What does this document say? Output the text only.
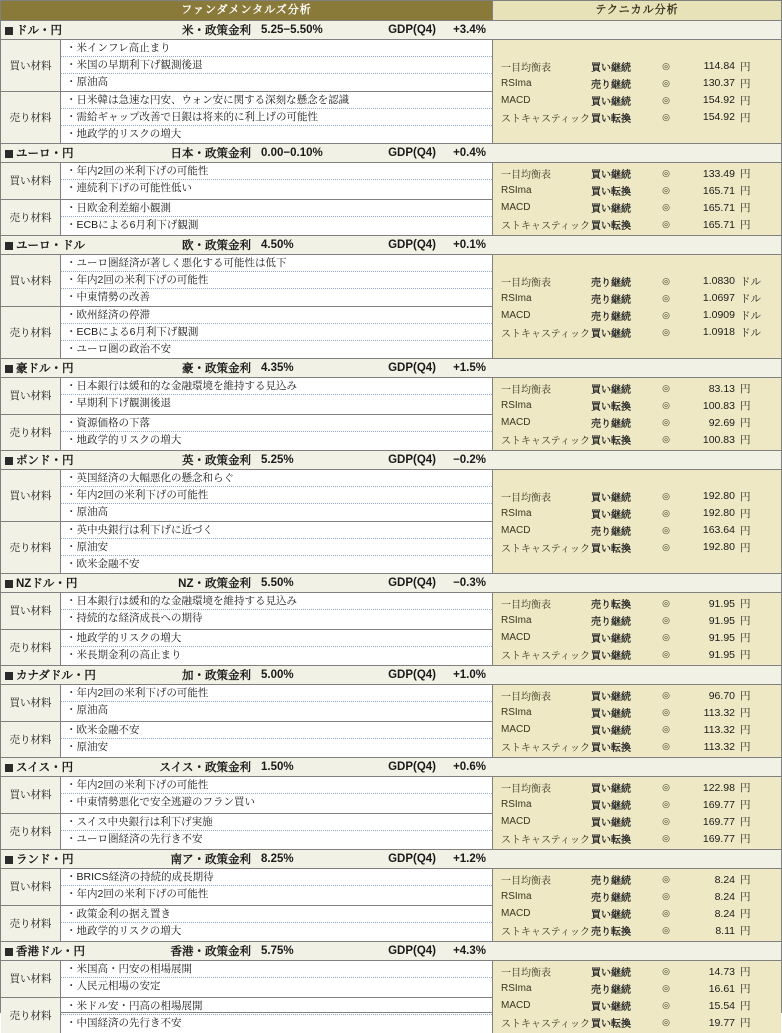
ファンダメンタルズ分析	テクニカル分析
ドル・円	米・政策金利 5.25−5.50%	GDP(Q4)	+3.4%
買い材料
・米インフレ高止まり
・米国の早期利下げ観測後退
・原油高
売り材料
・日米韓は急速な円安、ウォン安に関する深刻な懸念を認識
・需給ギャップ改善で日銀は将来的に利上げの可能性
・地政学的リスクの増大
一目均衡表	買い継続	◎	114.84 円
RSIma	売り継続	◎	130.37 円
MACD	買い継続	◎	154.92 円
ストキャスティック 買い転換	◎	154.92 円
ユーロ・円	日本・政策金利 0.00−0.10%	GDP(Q4)	+0.4%
買い材料
・年内2回の米利下げの可能性
・連続利下げの可能性低い
売り材料
・日欧金利差縮小観測
・ECBによる6月利下げ観測
一目均衡表	買い継続	◎	133.49 円
RSIma	買い転換	◎	165.71 円
MACD	買い継続	◎	165.71 円
ストキャスティック 買い転換	◎	165.71 円
ユーロ・ドル	欧・政策金利 4.50%	GDP(Q4)	+0.1%
買い材料
・ユーロ圏経済が著しく悪化する可能性は低下
・年内2回の米利下げの可能性
・中東情勢の改善
売り材料
・欧州経済の停滞
・ECBによる6月利下げ観測
・ユーロ圏の政治不安
一目均衡表	売り継続	◎	1.0830 ドル
RSIma	売り継続	◎	1.0697 ドル
MACD	売り継続	◎	1.0909 ドル
ストキャスティック 買い継続	◎	1.0918 ドル
豪ドル・円	豪・政策金利 4.35%	GDP(Q4)	+1.5%
買い材料
・日本銀行は緩和的な金融環境を維持する見込み
・早期利下げ観測後退
売り材料
・資源価格の下落
・地政学的リスクの増大
一目均衡表	買い継続	◎	83.13 円
RSIma	買い転換	◎	100.83 円
MACD	売り継続	◎	92.69 円
ストキャスティック 買い転換	◎	100.83 円
ポンド・円	英・政策金利 5.25%	GDP(Q4)	−0.2%
買い材料
・英国経済の大幅悪化の懸念和らぐ
・年内2回の米利下げの可能性
・原油高
売り材料
・英中央銀行は利下げに近づく
・原油安
・欧米金融不安
一目均衡表	買い継続	◎	192.80 円
RSIma	買い継続	◎	192.80 円
MACD	売り継続	◎	163.64 円
ストキャスティック 買い転換	◎	192.80 円
NZドル・円	NZ・政策金利 5.50%	GDP(Q4)	−0.3%
買い材料
・日本銀行は緩和的な金融環境を維持する見込み
・持続的な経済成長への期待
売り材料
・地政学的リスクの増大
・米長期金利の高止まり
一目均衡表	売り転換	◎	91.95 円
RSIma	売り継続	◎	91.95 円
MACD	買い継続	◎	91.95 円
ストキャスティック 買い継続	◎	91.95 円
カナダドル・円	加・政策金利 5.00%	GDP(Q4)	+1.0%
買い材料
・年内2回の米利下げの可能性
・原油高
売り材料
・欧米金融不安
・原油安
一目均衡表	買い継続	◎	96.70 円
RSIma	買い継続	◎	113.32 円
MACD	買い継続	◎	113.32 円
ストキャスティック 買い転換	◎	113.32 円
スイス・円	スイス・政策金利 1.50%	GDP(Q4)	+0.6%
買い材料
・年内2回の米利下げの可能性
・中東情勢悪化で安全逃避のフラン買い
売り材料
・スイス中央銀行は利下げ実施
・ユーロ圏経済の先行き不安
一目均衡表	買い継続	◎	122.98 円
RSIma	買い継続	◎	169.77 円
MACD	買い継続	◎	169.77 円
ストキャスティック 買い転換	◎	169.77 円
ランド・円	南ア・政策金利 8.25%	GDP(Q4)	+1.2%
買い材料
・BRICS経済の持続的成長期待
・年内2回の米利下げの可能性
売り材料
・政策金利の据え置き
・地政学的リスクの増大
一目均衡表	売り継続	◎	8.24 円
RSIma	売り継続	◎	8.24 円
MACD	買い継続	◎	8.24 円
ストキャスティック 売り転換	◎	8.11 円
香港ドル・円	香港・政策金利 5.75%	GDP(Q4)	+4.3%
買い材料
・米国高・円安の相場展開
・人民元相場の安定
売り材料
・米ドル安・円高の相場展開
・中国経済の先行き不安
一目均衡表	買い継続	◎	14.73 円
RSIma	売り継続	◎	16.61 円
MACD	買い継続	◎	15.54 円
ストキャスティック 買い転換	◎	19.77 円
